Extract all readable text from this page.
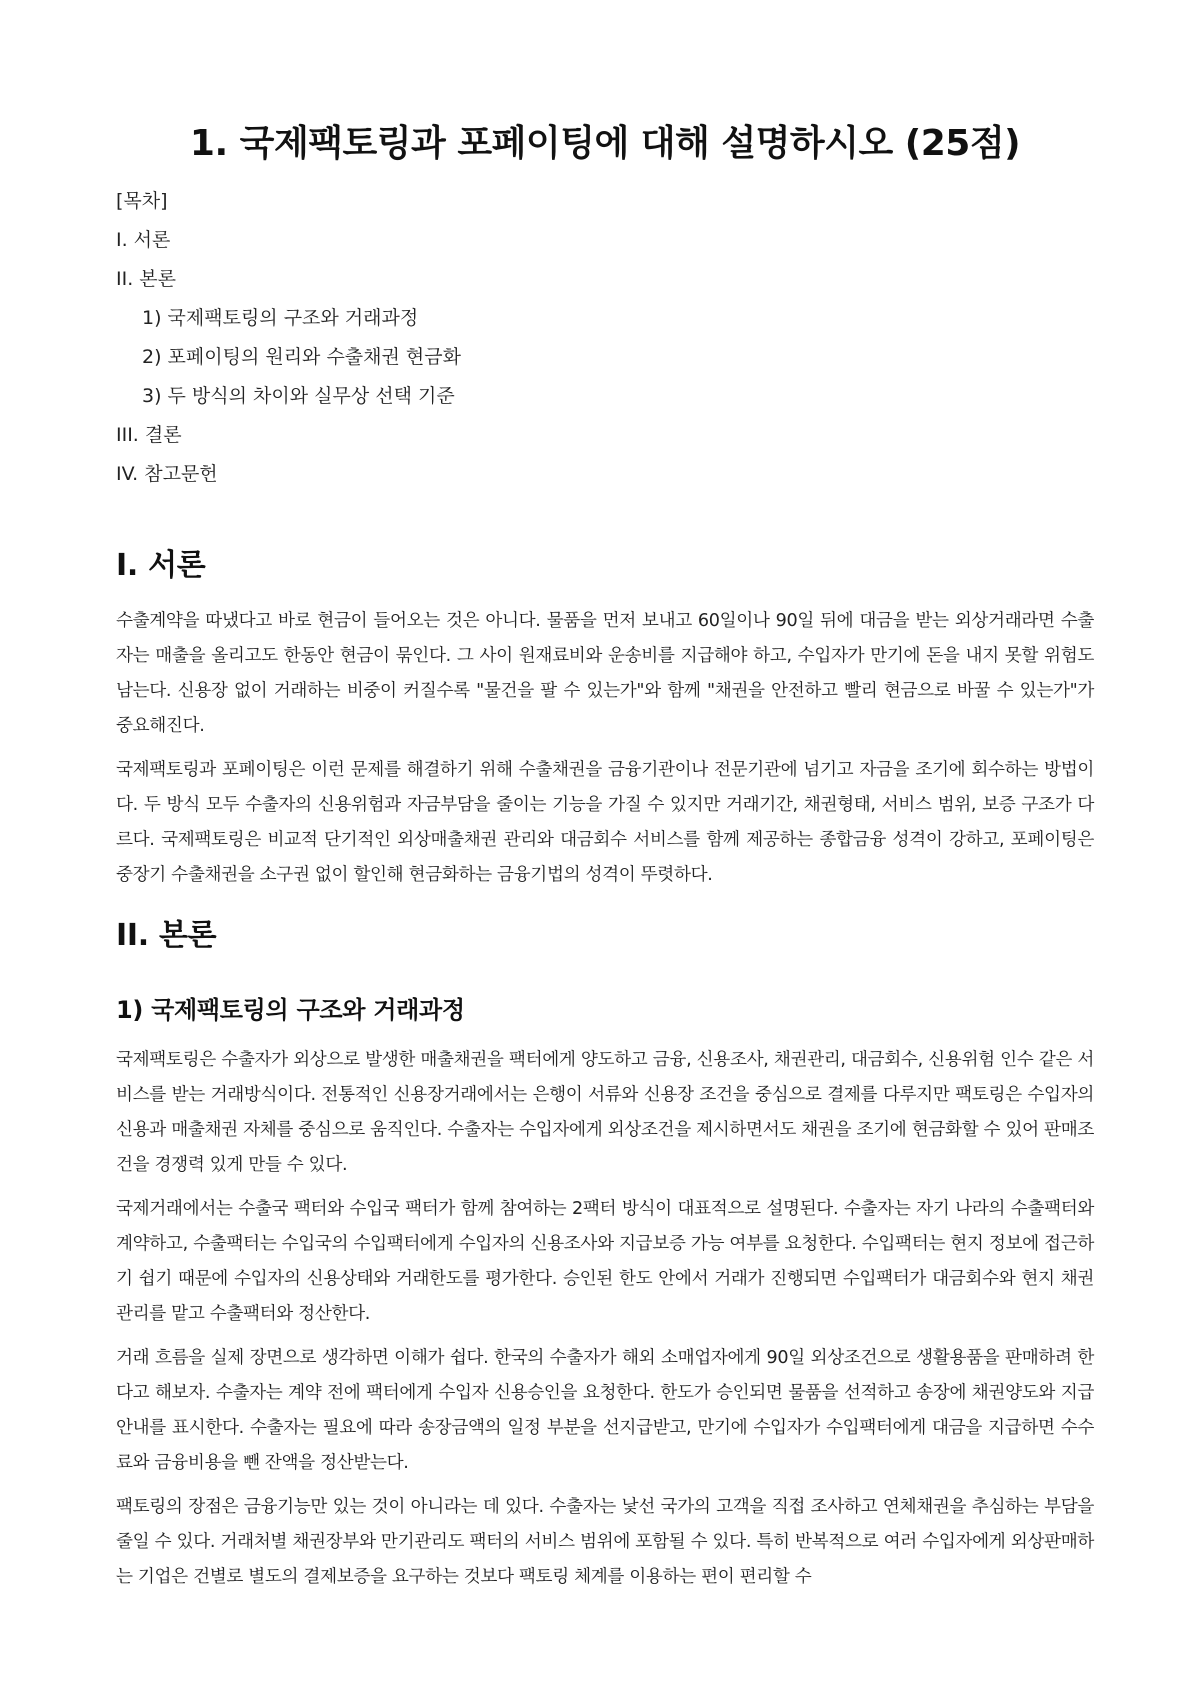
1. 국제팩토링과 포페이팅에 대해 설명하시오 (25점)
[목차]
I. 서론
II. 본론
1) 국제팩토링의 구조와 거래과정
2) 포페이팅의 원리와 수출채권 현금화
3) 두 방식의 차이와 실무상 선택 기준
III. 결론
IV. 참고문헌
I. 서론

수출계약을 따냈다고 바로 현금이 들어오는 것은 아니다. 물품을 먼저 보내고 60일이나 90일 뒤에 대금을 받는 외상거래라면 수출자는 매출을 올리고도 한동안 현금이 묶인다. 그 사이 원재료비와 운송비를 지급해야 하고, 수입자가 만기에 돈을 내지 못할 위험도 남는다. 신용장 없이 거래하는 비중이 커질수록 "물건을 팔 수 있는가"와 함께 "채권을 안전하고 빨리 현금으로 바꿀 수 있는가"가 중요해진다.

국제팩토링과 포페이팅은 이런 문제를 해결하기 위해 수출채권을 금융기관이나 전문기관에 넘기고 자금을 조기에 회수하는 방법이다. 두 방식 모두 수출자의 신용위험과 자금부담을 줄이는 기능을 가질 수 있지만 거래기간, 채권형태, 서비스 범위, 보증 구조가 다르다. 국제팩토링은 비교적 단기적인 외상매출채권 관리와 대금회수 서비스를 함께 제공하는 종합금융 성격이 강하고, 포페이팅은 중장기 수출채권을 소구권 없이 할인해 현금화하는 금융기법의 성격이 뚜렷하다.

II. 본론
1) 국제팩토링의 구조와 거래과정

국제팩토링은 수출자가 외상으로 발생한 매출채권을 팩터에게 양도하고 금융, 신용조사, 채권관리, 대금회수, 신용위험 인수 같은 서비스를 받는 거래방식이다. 전통적인 신용장거래에서는 은행이 서류와 신용장 조건을 중심으로 결제를 다루지만 팩토링은 수입자의 신용과 매출채권 자체를 중심으로 움직인다. 수출자는 수입자에게 외상조건을 제시하면서도 채권을 조기에 현금화할 수 있어 판매조건을 경쟁력 있게 만들 수 있다.

국제거래에서는 수출국 팩터와 수입국 팩터가 함께 참여하는 2팩터 방식이 대표적으로 설명된다. 수출자는 자기 나라의 수출팩터와 계약하고, 수출팩터는 수입국의 수입팩터에게 수입자의 신용조사와 지급보증 가능 여부를 요청한다. 수입팩터는 현지 정보에 접근하기 쉽기 때문에 수입자의 신용상태와 거래한도를 평가한다. 승인된 한도 안에서 거래가 진행되면 수입팩터가 대금회수와 현지 채권관리를 맡고 수출팩터와 정산한다.

거래 흐름을 실제 장면으로 생각하면 이해가 쉽다. 한국의 수출자가 해외 소매업자에게 90일 외상조건으로 생활용품을 판매하려 한다고 해보자. 수출자는 계약 전에 팩터에게 수입자 신용승인을 요청한다. 한도가 승인되면 물품을 선적하고 송장에 채권양도와 지급안내를 표시한다. 수출자는 필요에 따라 송장금액의 일정 부분을 선지급받고, 만기에 수입자가 수입팩터에게 대금을 지급하면 수수료와 금융비용을 뺀 잔액을 정산받는다.

팩토링의 장점은 금융기능만 있는 것이 아니라는 데 있다. 수출자는 낯선 국가의 고객을 직접 조사하고 연체채권을 추심하는 부담을 줄일 수 있다. 거래처별 채권장부와 만기관리도 팩터의 서비스 범위에 포함될 수 있다. 특히 반복적으로 여러 수입자에게 외상판매하는 기업은 건별로 별도의 결제보증을 요구하는 것보다 팩토링 체계를 이용하는 편이 편리할 수
